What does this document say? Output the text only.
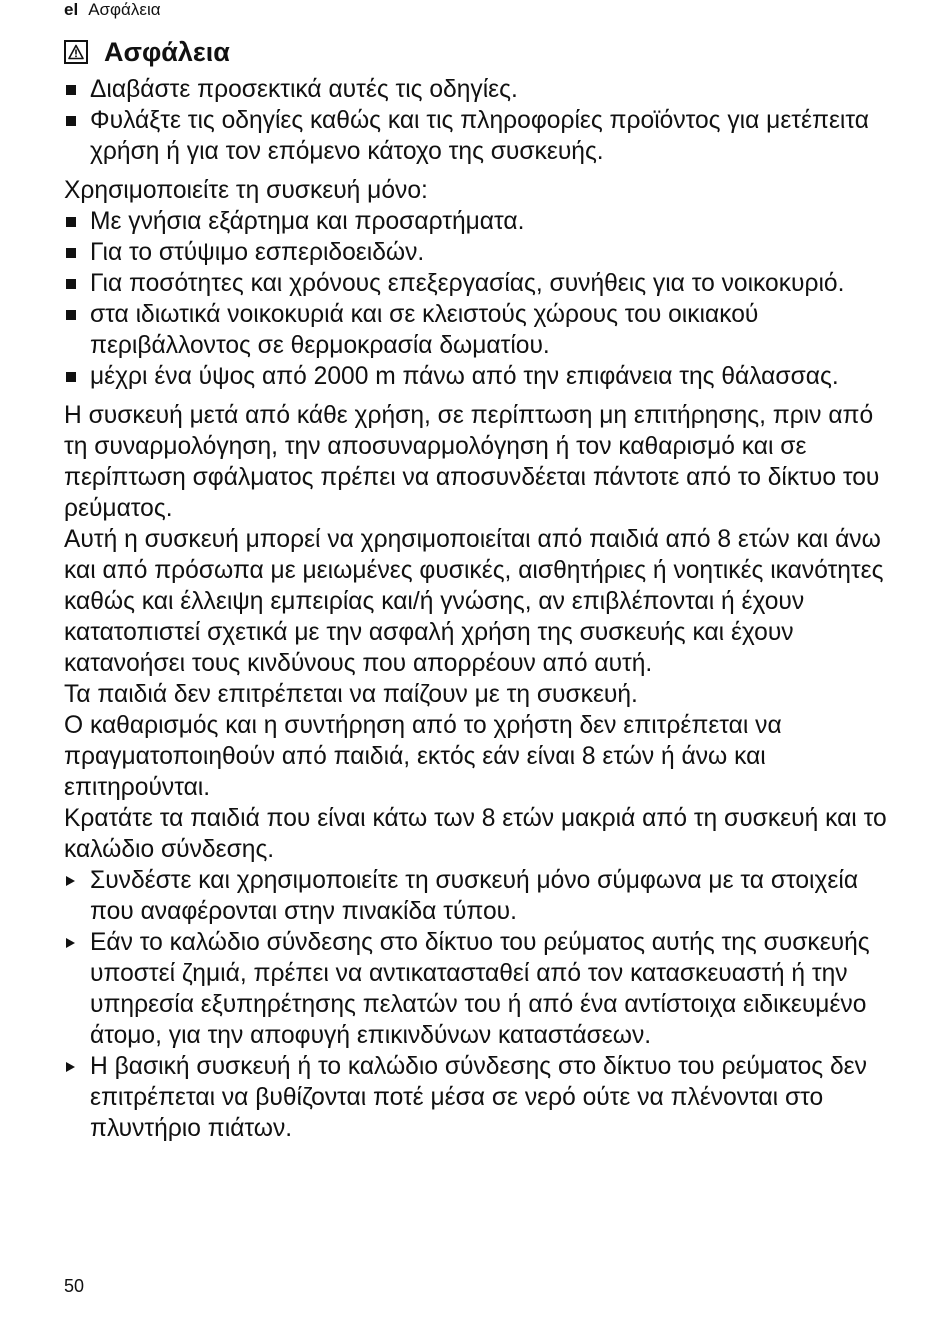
el Ασφάλεια
Ασφάλεια
Διαβάστε προσεκτικά αυτές τις οδηγίες.
Φυλάξτε τις οδηγίες καθώς και τις πληροφορίες προϊόντος για μετέπειτα χρήση ή για τον επόμενο κάτοχο της συσκευής.

Χρησιμοποιείτε τη συσκευή μόνο:

Με γνήσια εξάρτημα και προσαρτήματα.
Για το στύψιμο εσπεριδοειδών.
Για ποσότητες και χρόνους επεξεργασίας, συνήθεις για το νοικοκυριό.
στα ιδιωτικά νοικοκυριά και σε κλειστούς χώρους του οικιακού περιβάλλοντος σε θερμοκρασία δωματίου.
μέχρι ένα ύψος από 2000 m πάνω από την επιφάνεια της θάλασσας.

Η συσκευή μετά από κάθε χρήση, σε περίπτωση μη επιτήρησης, πριν από τη συναρμολόγηση, την αποσυναρμολόγηση ή τον καθαρισμό και σε περίπτωση σφάλματος πρέπει να αποσυνδέεται πάντοτε από το δίκτυο του ρεύματος.

Αυτή η συσκευή μπορεί να χρησιμοποιείται από παιδιά από 8 ετών και άνω και από πρόσωπα με μειωμένες φυσικές, αισθητήριες ή νοητικές ικανότητες καθώς και έλλειψη εμπειρίας και/ή γνώσης, αν επιβλέπονται ή έχουν κατατοπιστεί σχετικά με την ασφαλή χρήση της συσκευής και έχουν κατανοήσει τους κινδύνους που απορρέουν από αυτή.

Τα παιδιά δεν επιτρέπεται να παίζουν με τη συσκευή.

Ο καθαρισμός και η συντήρηση από το χρήστη δεν επιτρέπεται να πραγματοποιηθούν από παιδιά, εκτός εάν είναι 8 ετών ή άνω και επιτηρούνται.

Κρατάτε τα παιδιά που είναι κάτω των 8 ετών μακριά από τη συσκευή και το καλώδιο σύνδεσης.

Συνδέστε και χρησιμοποιείτε τη συσκευή μόνο σύμφωνα με τα στοιχεία που αναφέρονται στην πινακίδα τύπου.
Εάν το καλώδιο σύνδεσης στο δίκτυο του ρεύματος αυτής της συσκευής υποστεί ζημιά, πρέπει να αντικατασταθεί από τον κατασκευαστή ή την υπηρεσία εξυπηρέτησης πελατών του ή από ένα αντίστοιχα ειδικευμένο άτομο, για την αποφυγή επικινδύνων καταστάσεων.
Η βασική συσκευή ή το καλώδιο σύνδεσης στο δίκτυο του ρεύματος δεν επιτρέπεται να βυθίζονται ποτέ μέσα σε νερό ούτε να πλένονται στο πλυντήριο πιάτων.
50
